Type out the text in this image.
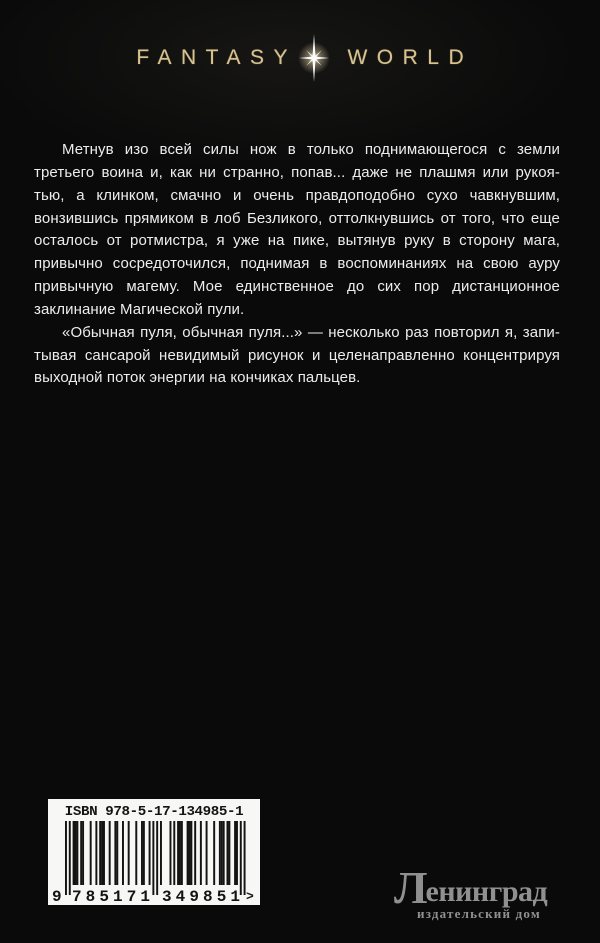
FANTASY	WORLD
Метнув изо всей силы нож в только поднимающегося с земли
третьего воина и, как ни странно, попав... даже не плашмя или рукоя-
тью, а клинком, смачно и очень правдоподобно сухо чавкнувшим,
вонзившись прямиком в лоб Безликого, оттолкнувшись от того, что еще
осталось от ротмистра, я уже на пике, вытянув руку в сторону мага,
привычно сосредоточился, поднимая в воспоминаниях на свою ауру
привычную магему. Мое единственное до сих пор дистанционное
заклинание Магической пули.
«Обычная пуля, обычная пуля...» — несколько раз повторил я, запи-
тывая сансарой невидимый рисунок и целенаправленно концентрируя
выходной поток энергии на кончиках пальцев.
ISBN 978-5-17-134985-1
9 785171 349851 >	Ленинград
издательский дом
